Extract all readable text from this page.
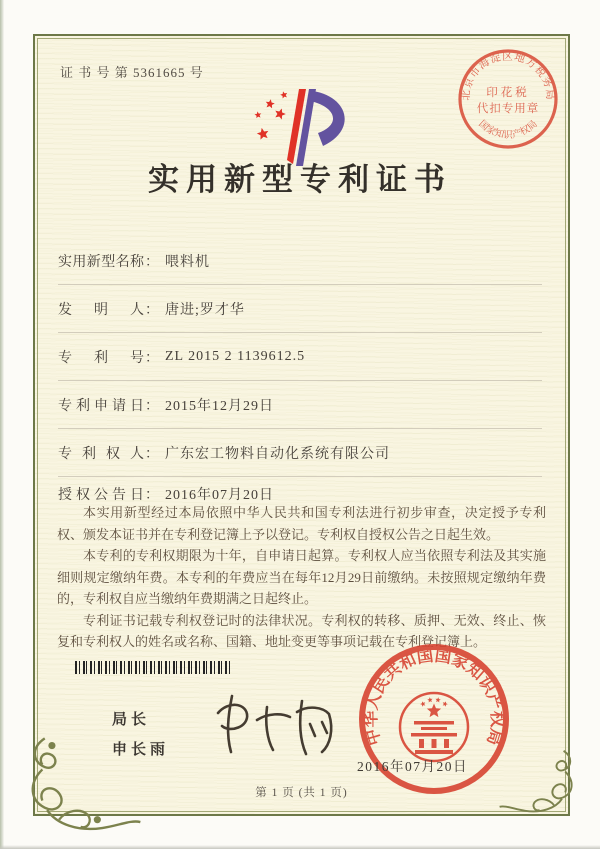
证 书 号 第 5361665 号
北京市海淀区地方税务局
国家知识产权局
印花税
代扣专用章
实用新型专利证书
实用新型名称 ： 喂料机
发明人 ： 唐进;罗才华
专利号 ： ZL 2015 2 1139612.5
专利申请日 ： 2015年12月29日
专利权人 ： 广东宏工物料自动化系统有限公司
授权公告日 ： 2016年07月20日

本实用新型经过本局依照中华人民共和国专利法进行初步审查，决定授予专利权、颁发本证书并在专利登记簿上予以登记。专利权自授权公告之日起生效。

本专利的专利权期限为十年，自申请日起算。专利权人应当依照专利法及其实施细则规定缴纳年费。本专利的年费应当在每年12月29日前缴纳。未按照规定缴纳年费的，专利权自应当缴纳年费期满之日起终止。

专利证书记载专利权登记时的法律状况。专利权的转移、质押、无效、终止、恢复和专利权人的姓名或名称、国籍、地址变更等事项记载在专利登记簿上。

局长
申长雨
中华人民共和国国家知识产权局
2016年07月20日
第 1 页 (共 1 页)
